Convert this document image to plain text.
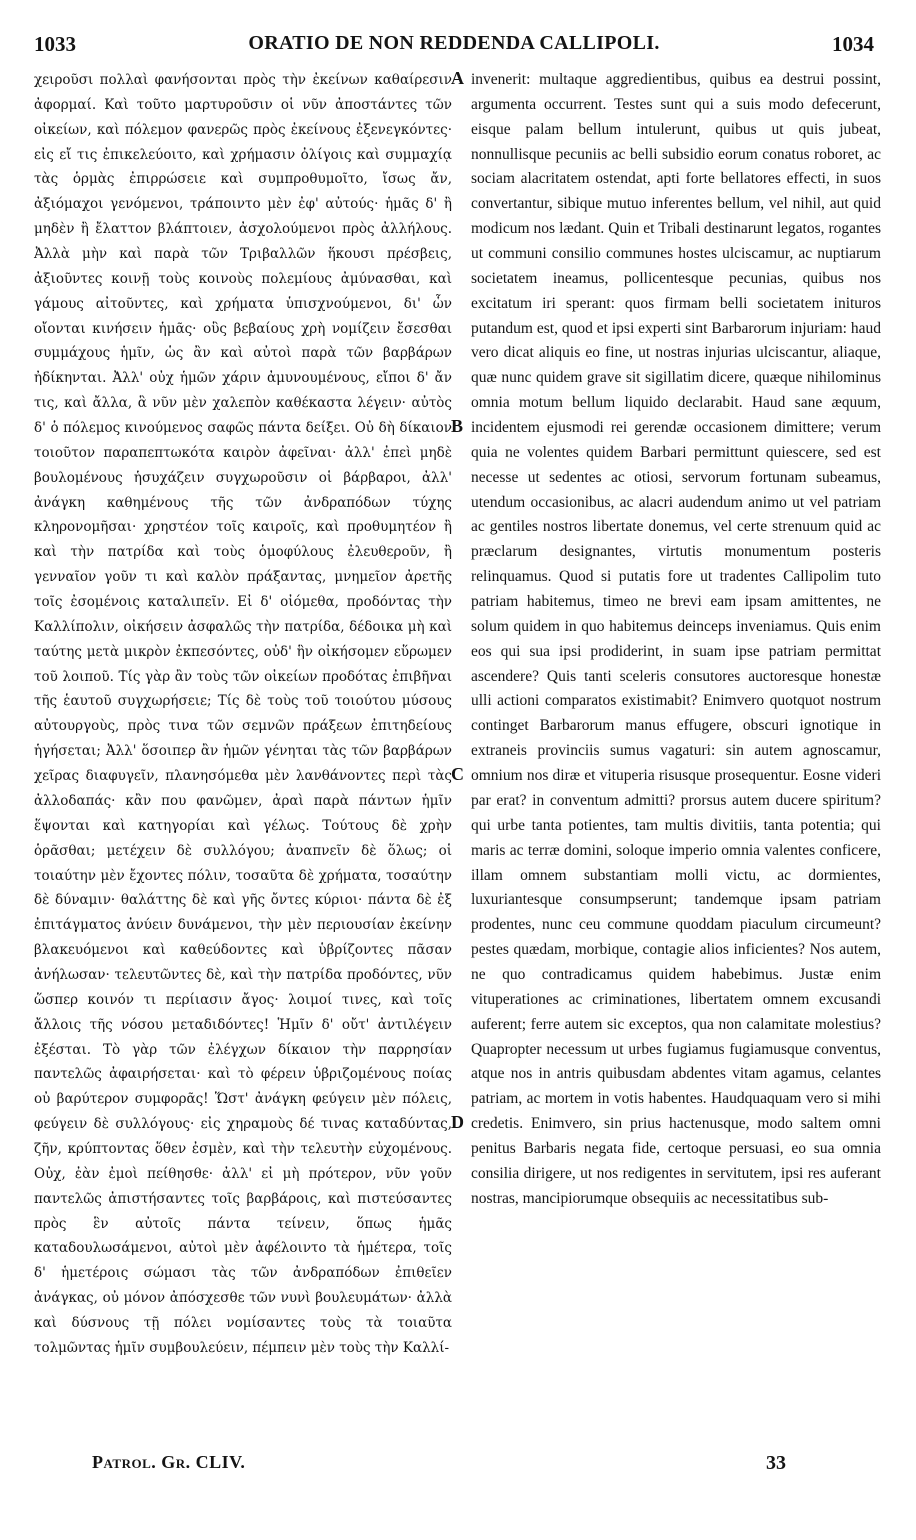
1033	ORATIO DE NON REDDENDA CALLIPOLI.	1034

χειροῦσι πολλαὶ φανήσονται πρὸς τὴν ἐκείνων καθαίρεσιν ἀφορμαί. Καὶ τοῦτο μαρτυροῦσιν οἱ νῦν ἀποστάντες τῶν οἰκείων, καὶ πόλεμον φανερῶς πρὸς ἐκείνους ἐξενεγκόντες· εἰς εἴ τις ἐπικελεύοιτο, καὶ χρήμασιν ὀλίγοις καὶ συμμαχίᾳ τὰς ὁρμὰς ἐπιρρώσειε καὶ συμπροθυμοῖτο, ἴσως ἄν, ἀξιόμαχοι γενόμενοι, τράποιντο μὲν ἐφ' αὐτούς· ἡμᾶς δ' ἢ μηδὲν ἢ ἔλαττον βλάπτοιεν, ἀσχολούμενοι πρὸς ἀλλήλους. Ἀλλὰ μὴν καὶ παρὰ τῶν Τριβαλλῶν ἥκουσι πρέσβεις, ἀξιοῦντες κοινῇ τοὺς κοινοὺς πολεμίους ἀμύνασθαι, καὶ γάμους αἰτοῦντες, καὶ χρήματα ὑπισχνούμενοι, δι' ὧν οἴονται κινήσειν ἡμᾶς· οὓς βεβαίους χρὴ νομίζειν ἔσεσθαι συμμάχους ἡμῖν, ὡς ἂν καὶ αὐτοὶ παρὰ τῶν βαρβάρων ἠδίκηνται. Ἀλλ' οὐχ ἡμῶν χάριν ἀμυνουμένους, εἴποι δ' ἄν τις, καὶ ἄλλα, ἃ νῦν μὲν χαλεπὸν καθέκαστα λέγειν· αὐτὸς δ' ὁ πόλεμος κινούμενος σαφῶς πάντα δείξει. Οὐ δὴ δίκαιον τοιοῦτον παραπεπτωκότα καιρὸν ἀφεῖναι· ἀλλ' ἐπεὶ μηδὲ βουλομένους ἡσυχάζειν συγχωροῦσιν οἱ βάρβαροι, ἀλλ' ἀνάγκη καθημένους τῆς τῶν ἀνδραπόδων τύχης κληρονομῆσαι· χρηστέον τοῖς καιροῖς, καὶ προθυμητέον ἢ καὶ τὴν πατρίδα καὶ τοὺς ὁμοφύλους ἐλευθεροῦν, ἢ γενναῖον γοῦν τι καὶ καλὸν πράξαντας, μνημεῖον ἀρετῆς τοῖς ἐσομένοις καταλιπεῖν. Εἰ δ' οἰόμεθα, προδόντας τὴν Καλλίπολιν, οἰκήσειν ἀσφαλῶς τὴν πατρίδα, δέδοικα μὴ καὶ ταύτης μετὰ μικρὸν ἐκπεσόντες, οὐδ' ἣν οἰκήσομεν εὕρωμεν τοῦ λοιποῦ. Τίς γὰρ ἂν τοὺς τῶν οἰκείων προδότας ἐπιβῆναι τῆς ἑαυτοῦ συγχωρήσειε; Τίς δὲ τοὺς τοῦ τοιούτου μύσους αὐτουργοὺς, πρὸς τινα τῶν σεμνῶν πράξεων ἐπιτηδείους ἡγήσεται; Ἀλλ' ὅσοιπερ ἂν ἡμῶν γένηται τὰς τῶν βαρβάρων χεῖρας διαφυγεῖν, πλανησόμεθα μὲν λανθάνοντες περὶ τὰς ἀλλοδαπάς· κἂν που φανῶμεν, ἀραὶ παρὰ πάντων ἡμῖν ἕψονται καὶ κατηγορίαι καὶ γέλως. Τούτους δὲ χρὴν ὁρᾶσθαι; μετέχειν δὲ συλλόγου; ἀναπνεῖν δὲ ὅλως; οἱ τοιαύτην μὲν ἔχοντες πόλιν, τοσαῦτα δὲ χρήματα, τοσαύτην δὲ δύναμιν· θαλάττης δὲ καὶ γῆς ὄντες κύριοι· πάντα δὲ ἐξ ἐπιτάγματος ἀνύειν δυνάμενοι, τὴν μὲν περιουσίαν ἐκείνην βλακευόμενοι καὶ καθεύδοντες καὶ ὑβρίζοντες πᾶσαν ἀνήλωσαν· τελευτῶντες δὲ, καὶ τὴν πατρίδα προδόντες, νῦν ὥσπερ κοινόν τι περίιασιν ἄγος· λοιμοί τινες, καὶ τοῖς ἄλλοις τῆς νόσου μεταδιδόντες! Ἡμῖν δ' οὔτ' ἀντιλέγειν ἐξέσται. Τὸ γὰρ τῶν ἐλέγχων δίκαιον τὴν παρρησίαν παντελῶς ἀφαιρήσεται· καὶ τὸ φέρειν ὑβριζομένους ποίας οὐ βαρύτερον συμφορᾶς! Ὥστ' ἀνάγκη φεύγειν μὲν πόλεις, φεύγειν δὲ συλλόγους· εἰς χηραμοὺς δέ τινας καταδύντας, ζῆν, κρύπτοντας ὅθεν ἐσμὲν, καὶ τὴν τελευτὴν εὐχομένους. Οὐχ, ἐὰν ἐμοὶ πείθησθε· ἀλλ' εἰ μὴ πρότερον, νῦν γοῦν παντελῶς ἀπιστήσαντες τοῖς βαρβάροις, καὶ πιστεύσαντες πρὸς ἓν αὐτοῖς πάντα τείνειν, ὅπως ἡμᾶς καταδουλωσάμενοι, αὐτοὶ μὲν ἀφέλοιντο τὰ ἡμέτερα, τοῖς δ' ἡμετέροις σώμασι τὰς τῶν ἀνδραπόδων ἐπιθεῖεν ἀνάγκας, οὐ μόνον ἀπόσχεσθε τῶν νυνὶ βουλευμάτων· ἀλλὰ καὶ δύσνους τῇ πόλει νομίσαντες τοὺς τὰ τοιαῦτα τολμῶντας ἡμῖν συμβουλεύειν, πέμπειν μὲν τοὺς τὴν Καλλί-

A
B
C
D

invenerit: multaque aggredientibus, quibus ea destrui possint, argumenta occurrent. Testes sunt qui a suis modo defecerunt, eisque palam bellum intulerunt, quibus ut quis jubeat, nonnullisque pecuniis ac belli subsidio eorum conatus roboret, ac sociam alacritatem ostendat, apti forte bellatores effecti, in suos convertantur, sibique mutuo inferentes bellum, vel nihil, aut quid modicum nos lædant. Quin et Tribali destinarunt legatos, rogantes ut communi consilio communes hostes ulciscamur, ac nuptiarum societatem ineamus, pollicentesque pecunias, quibus nos excitatum iri sperant: quos firmam belli societatem inituros putandum est, quod et ipsi experti sint Barbarorum injuriam: haud vero dicat aliquis eo fine, ut nostras injurias ulciscantur, aliaque, quæ nunc quidem grave sit sigillatim dicere, quæque nihilominus omnia motum bellum liquido declarabit. Haud sane æquum, incidentem ejusmodi rei gerendæ occasionem dimittere; verum quia ne volentes quidem Barbari permittunt quiescere, sed est necesse ut sedentes ac otiosi, servorum fortunam subeamus, utendum occasionibus, ac alacri audendum animo ut vel patriam ac gentiles nostros libertate donemus, vel certe strenuum quid ac præclarum designantes, virtutis monumentum posteris relinquamus. Quod si putatis fore ut tradentes Callipolim tuto patriam habitemus, timeo ne brevi eam ipsam amittentes, ne solum quidem in quo habitemus deinceps inveniamus. Quis enim eos qui sua ipsi prodiderint, in suam ipse patriam permittat ascendere? Quis tanti sceleris consutores auctoresque honestæ ulli actioni comparatos existimabit? Enimvero quotquot nostrum continget Barbarorum manus effugere, obscuri ignotique in extraneis provinciis sumus vagaturi: sin autem agnoscamur, omnium nos diræ et vituperia risusque prosequentur. Eosne videri par erat? in conventum admitti? prorsus autem ducere spiritum? qui urbe tanta potientes, tam multis divitiis, tanta potentia; qui maris ac terræ domini, soloque imperio omnia valentes conficere, illam omnem substantiam molli victu, ac dormientes, luxuriantesque consumpserunt; tandemque ipsam patriam prodentes, nunc ceu commune quoddam piaculum circumeunt? pestes quædam, morbique, contagie alios inficientes? Nos autem, ne quo contradicamus quidem habebimus. Justæ enim vituperationes ac criminationes, libertatem omnem excusandi auferent; ferre autem sic exceptos, qua non calamitate molestius? Quapropter necessum ut urbes fugiamus fugiamusque conventus, atque nos in antris quibusdam abdentes vitam agamus, celantes patriam, ac mortem in votis habentes. Haudquaquam vero si mihi credetis. Enimvero, sin prius hactenusque, modo saltem omni penitus Barbaris negata fide, certoque persuasi, eo sua omnia consilia dirigere, ut nos redigentes in servitutem, ipsi res auferant nostras, mancipiorumque obsequiis ac necessitatibus sub-

Patrol. Gr. CLIV.	33
